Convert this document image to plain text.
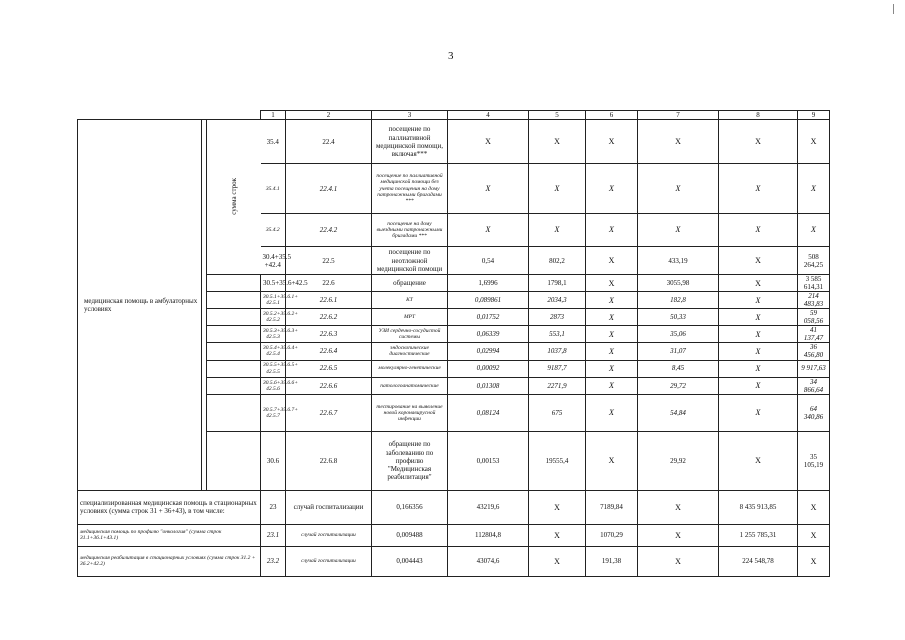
3
			1	2	3	4	5	6	7	8	9	
медицинская помощь в амбулаторных условиях		сумма строк	35.4	22.4	посещение по паллиативной медицинской помощи, включая***	X	X	X	X	X	X	
			35.4.1	22.4.1	посещение по паллиативной медицинской помощи без учета посещения на дому патронажными бригадами ***	X	X	X	X	X	X	
			35.4.2	22.4.2	посещение на дому выездными патронажными бригадами ***	X	X	X	X	X	X	
			30.4+35.5 +42.4	22.5	посещение по неотложной медицинской помощи	0,54	802,2	X	433,19	X	508 264,25	
			30.5+35.6+42.5	22.6	обращение	1,6996	1798,1	X	3055,98	X	3 585 614,31	
			30.5.1+35.6.1+ 42.5.1	22.6.1	КТ	0,089861	2034,3	X	182,8	X	214 483,83	
			30.5.2+35.6.2+ 42.5.2	22.6.2	МРТ	0,01752	2873	X	50,33	X	59 058,56	
			30.5.3+35.6.3+ 42.5.3	22.6.3	УЗИ сердечно-сосудистой системы	0,06339	553,1	X	35,06	X	41 137,47	
			30.5.4+35.6.4+ 42.5.4	22.6.4	эндоскопические диагностические	0,02994	1037,8	X	31,07	X	36 456,80	
			30.5.5+35.6.5+ 42.5.5	22.6.5	молекулярно-генетические	0,00092	9187,7	X	8,45	X	9 917,63	
			30.5.6+35.6.6+ 42.5.6	22.6.6	патологоанатомические	0,01308	2271,9	X	29,72	X	34 866,64	
			30.5.7+35.6.7+ 42.5.7	22.6.7	тестирование на выявление новой коронавирусной инфекции	0,08124	675	X	54,84	X	64 340,86	
			30.6	22.6.8	обращение по заболеванию по профилю "Медицинская реабилитация"	0,00153	19555,4	X	29,92	X	35 105,19	
специализированная медицинская помощь в стационарных условиях (сумма строк 31 + 36+43), в том числе:			23	случай госпитализации	0,166356	43219,6	X	7189,84	X	8 435 913,85	X	
медицинская помощь по профилю "онкология" (сумма строк 31.1+36.1+43.1)			23.1	случай госпитализации	0,009488	112804,8	X	1070,29	X	1 255 785,31	X	
медицинская реабилитация в стационарных условиях (сумма строк 31.2 + 36.2+42.2)			23.2	случай госпитализации	0,004443	43074,6	X	191,38	X	224 548,78	X	
